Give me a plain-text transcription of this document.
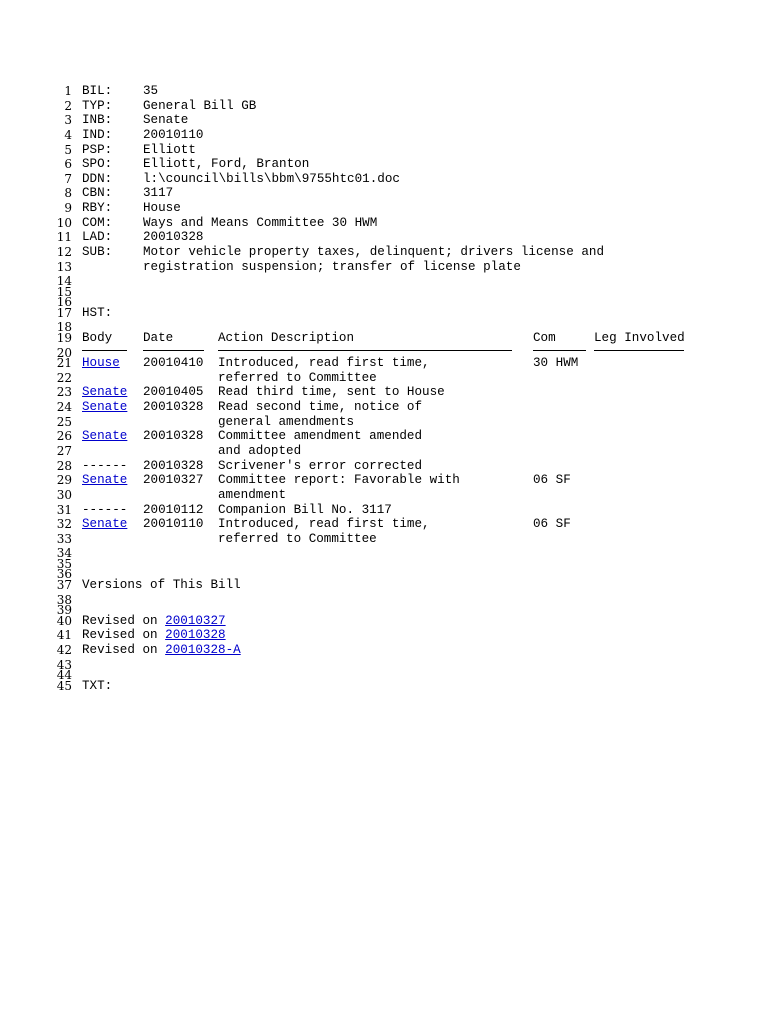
1 BIL: 35
2 TYP: General Bill GB
3 INB: Senate
4 IND: 20010110
5 PSP: Elliott
6 SPO: Elliott, Ford, Branton
7 DDN: l:\council\bills\bbm\9755htc01.doc
8 CBN: 3117
9 RBY: House
10 COM: Ways and Means Committee 30 HWM
11 LAD: 20010328
12 SUB: Motor vehicle property taxes, delinquent; drivers license and
13	registration suspension; transfer of license plate
14
15
16
17 HST:
18
19 Body Date	Action Description	Com	Leg Involved
20
21 House 20010410 Introduced, read first time,	30 HWM
22	referred to Committee
23 Senate 20010405 Read third time, sent to House
24 Senate 20010328 Read second time, notice of
25	general amendments
26 Senate 20010328 Committee amendment amended
27	and adopted
28 ------ 20010328 Scrivener's error corrected
29 Senate 20010327 Committee report: Favorable with	06 SF
30	amendment
31 ------ 20010112 Companion Bill No. 3117
32 Senate 20010110 Introduced, read first time,	06 SF
33	referred to Committee
34
35
36
37 Versions of This Bill
38
39
40 Revised on 20010327
41 Revised on 20010328
42 Revised on 20010328-A
43
44
45 TXT:
